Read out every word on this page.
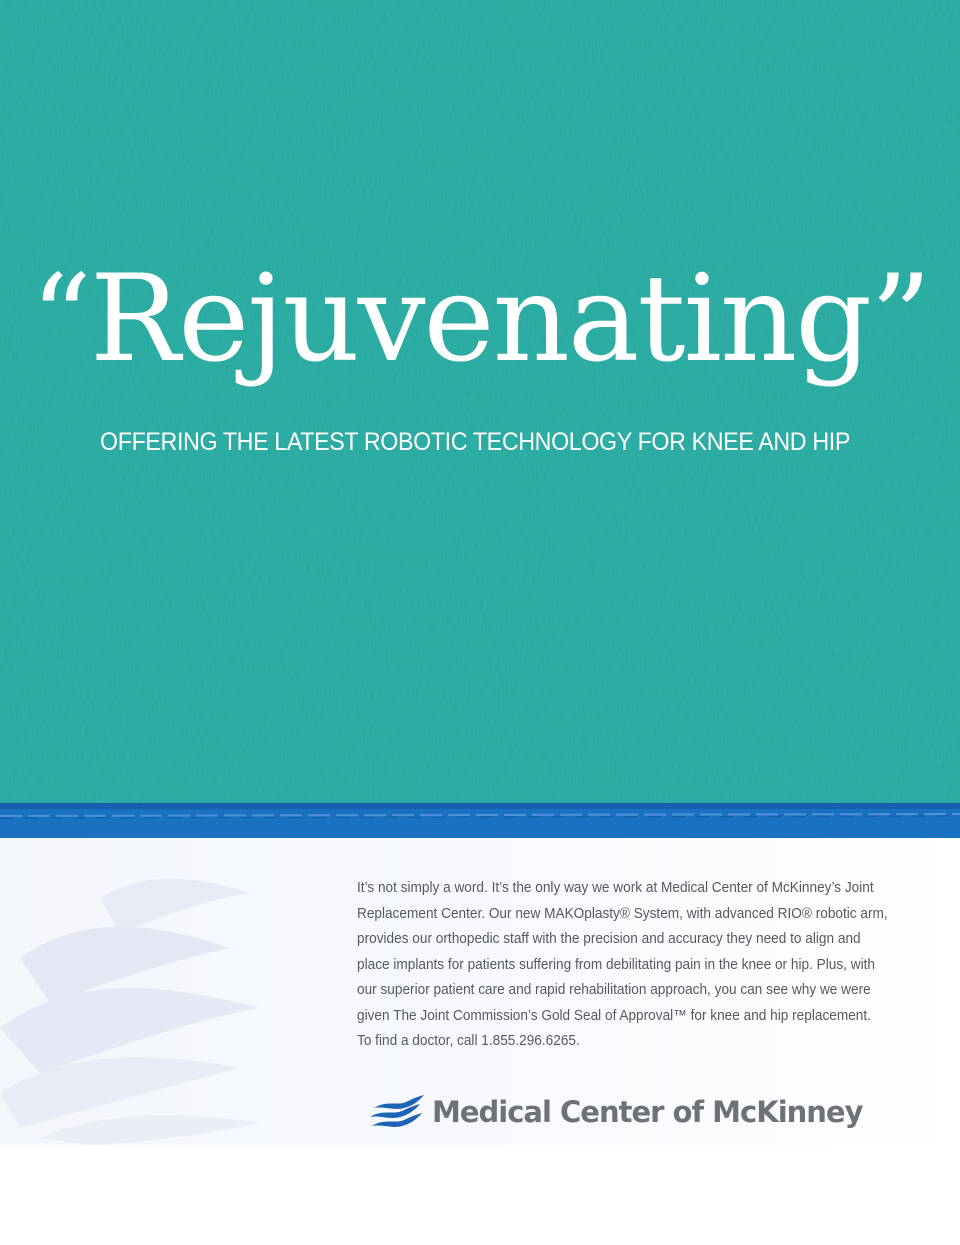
“Rejuvenating”
OFFERING THE LATEST ROBOTIC TECHNOLOGY FOR KNEE AND HIP

It’s not simply a word. It’s the only way we work at Medical Center of McKinney’s Joint

Replacement Center. Our new MAKOplasty® System, with advanced RIO® robotic arm,

provides our orthopedic staff with the precision and accuracy they need to align and

place implants for patients suffering from debilitating pain in the knee or hip. Plus, with

our superior patient care and rapid rehabilitation approach, you can see why we were

given The Joint Commission’s Gold Seal of Approval™ for knee and hip replacement.

To find a doctor, call 1.855.296.6265.

Medical Center of McKinney
